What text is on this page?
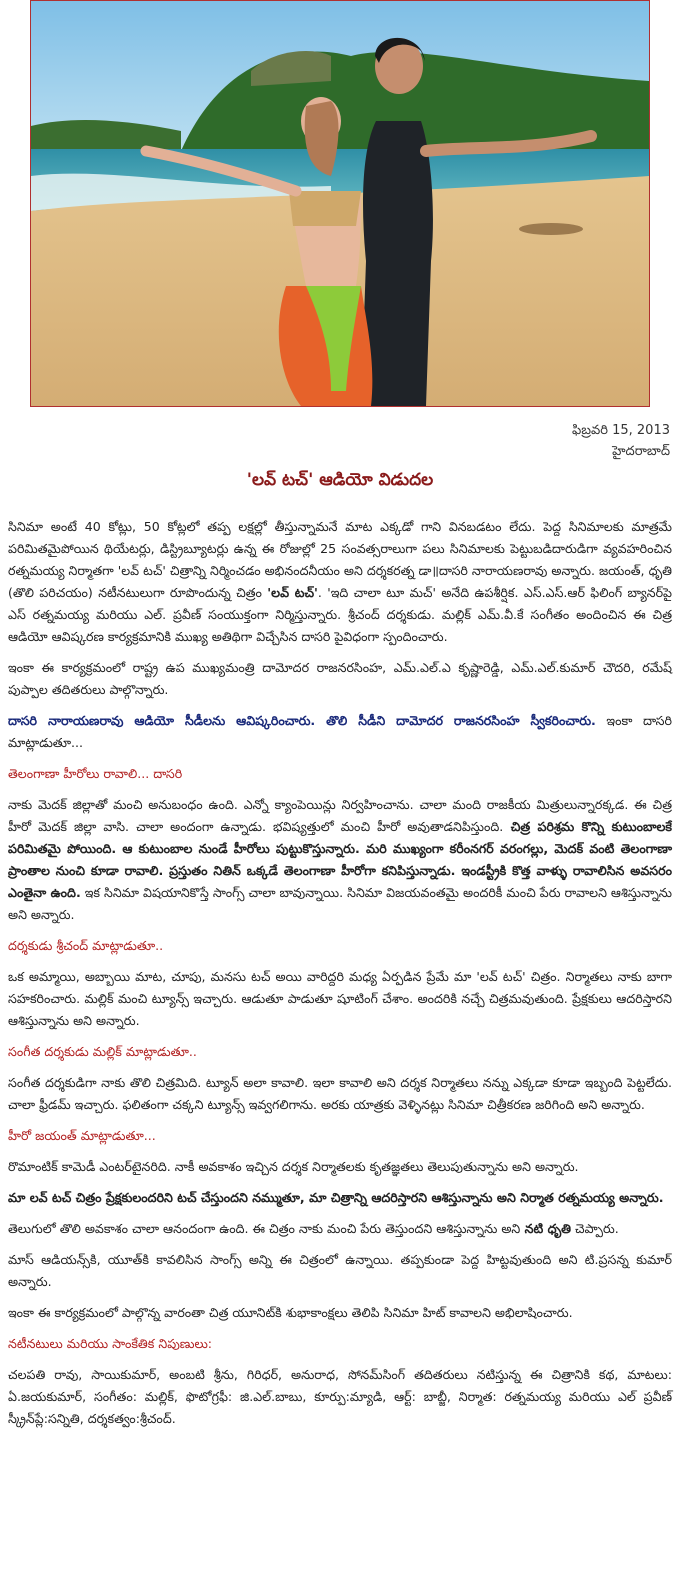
ఫిబ్రవరి 15, 2013
హైదరాబాద్
'లవ్ టచ్' ఆడియో విడుదల

సినిమా అంటే 40 కోట్లు, 50 కోట్లలో తప్ప లక్షల్లో తీస్తున్నామనే మాట ఎక్కడో గాని వినబడటం లేదు. పెద్ద సినిమాలకు మాత్రమే పరిమితమైపోయిన థియేటర్లు, డిస్ట్రిబ్యూటర్లు ఉన్న ఈ రోజుల్లో 25 సంవత్సరాలుగా పలు సినిమాలకు పెట్టుబడిదారుడిగా వ్యవహరించిన రత్నమయ్య నిర్మాతగా 'లవ్ టచ్' చిత్రాన్ని నిర్మించడం అభినందనీయం అని దర్శకరత్న డా॥దాసరి నారాయణరావు అన్నారు. జయంత్, ధృతి (తొలి పరిచయం) నటీనటులుగా రూపొందున్న చిత్రం 'లవ్ టచ్'. 'ఇది చాలా టూ మచ్' అనేది ఉపశీర్షిక. ఎస్.ఎస్.ఆర్ ఫిలింగ్ బ్యానర్‌పై ఎస్ రత్నమయ్య మరియు ఎల్. ప్రవీణ్ సంయుక్తంగా నిర్మిస్తున్నారు. శ్రీచంద్ దర్శకుడు. మల్లిక్ ఎమ్.వీ.కే సంగీతం అందించిన ఈ చిత్ర ఆడియో ఆవిష్కరణ కార్యక్రమానికి ముఖ్య అతిథిగా విచ్చేసిన దాసరి పైవిధంగా స్పందించారు.

ఇంకా ఈ కార్యక్రమంలో రాష్ట్ర ఉప ముఖ్యమంత్రి దామోదర రాజనరసింహ, ఎమ్.ఎల్.ఎ కృష్ణారెడ్డి, ఎమ్.ఎల్.కుమార్ చౌదరి, రమేష్ పుప్పాల తదితరులు పాల్గొన్నారు.

దాసరి నారాయణరావు ఆడియో సీడీలను ఆవిష్కరించారు. తొలి సీడీని దామోదర రాజనరసింహ స్వీకరించారు. ఇంకా దాసరి మాట్లాడుతూ...

తెలంగాణా హీరోలు రావాలి... దాసరి

నాకు మెదక్ జిల్లాతో మంచి అనుబంధం ఉంది. ఎన్నో క్యాంపెయిన్లు నిర్వహించాను. చాలా మంది రాజకీయ మిత్రులున్నారక్కడ. ఈ చిత్ర హీరో మెదక్ జిల్లా వాసి. చాలా అందంగా ఉన్నాడు. భవిష్యత్తులో మంచి హీరో అవుతాడనిపిస్తుంది. చిత్ర పరిశ్రమ కొన్ని కుటుంబాలకే పరిమితమై పోయింది. ఆ కుటుంబాల నుండే హీరోలు పుట్టుకొస్తున్నారు. మరి ముఖ్యంగా కరీంనగర్ వరంగల్లు, మెదక్ వంటి తెలంగాణా ప్రాంతాల నుంచి కూడా రావాలి. ప్రస్తుతం నితిన్ ఒక్కడే తెలంగాణా హీరోగా కనిపిస్తున్నాడు. ఇండస్ట్రీకి కొత్త వాళ్ళు రావాలిసిన అవసరం ఎంతైనా ఉంది. ఇక సినిమా విషయానికొస్తే సాంగ్స్ చాలా బావున్నాయి. సినిమా విజయవంతమై అందరికీ మంచి పేరు రావాలని ఆశిస్తున్నాను అని అన్నారు.

దర్శకుడు శ్రీచంద్ మాట్లాడుతూ..

ఒక అమ్మాయి, అబ్బాయి మాట, చూపు, మనసు టచ్ అయి వారిద్దరి మధ్య ఏర్పడిన ప్రేమే మా 'లవ్ టచ్' చిత్రం. నిర్మాతలు నాకు బాగా సహకరించారు. మల్లిక్ మంచి ట్యూన్స్ ఇచ్చారు. ఆడుతూ పాడుతూ షూటింగ్ చేశాం. అందరికి నచ్చే చిత్రమవుతుంది. ప్రేక్షకులు ఆదరిస్తారని ఆశిస్తున్నాను అని అన్నారు.

సంగీత దర్శకుడు మల్లిక్ మాట్లాడుతూ..

సంగీత దర్శకుడిగా నాకు తొలి చిత్రమిది. ట్యూన్ అలా కావాలి. ఇలా కావాలి అని దర్శక నిర్మాతలు నన్ను ఎక్కడా కూడా ఇబ్బంది పెట్టలేదు. చాలా ఫ్రీడమ్ ఇచ్చారు. ఫలితంగా చక్కని ట్యూన్స్ ఇవ్వగలిగాను. అరకు యాత్రకు వెళ్ళినట్లు సినిమా చిత్రీకరణ జరిగింది అని అన్నారు.

హీరో జయంత్ మాట్లాడుతూ...

రొమాంటిక్ కామెడీ ఎంటర్‌టైనరిది. నాకీ అవకాశం ఇచ్చిన దర్శక నిర్మాతలకు కృతజ్ఞతలు తెలుపుతున్నాను అని అన్నారు.

మా లవ్ టచ్ చిత్రం ప్రేక్షకులందరిని టచ్ చేస్తుందని నమ్ముతూ, మా చిత్రాన్ని ఆదరిస్తారని ఆశిస్తున్నాను అని నిర్మాత రత్నమయ్య అన్నారు.

తెలుగులో తొలి అవకాశం చాలా ఆనందంగా ఉంది. ఈ చిత్రం నాకు మంచి పేరు తెస్తుందని ఆశిస్తున్నాను అని నటి ధృతి చెప్పారు.

మాస్ ఆడియన్స్‌కి, యూత్‌కి కావలిసిన సాంగ్స్ అన్ని ఈ చిత్రంలో ఉన్నాయి. తప్పకుండా పెద్ద హిట్టవుతుంది అని టి.ప్రసన్న కుమార్ అన్నారు.

ఇంకా ఈ కార్యక్రమంలో పాల్గొన్న వారంతా చిత్ర యూనిట్‌కి శుభాకాంక్షలు తెలిపి సినిమా హిట్ కావాలని అభిలాషించారు.

నటీనటులు మరియు సాంకేతిక నిపుణులు:

చలపతి రావు, సాయికుమార్, అంబటి శ్రీను, గిరిధర్, అనురాధ, సోనమ్‌సింగ్ తదితరులు నటిస్తున్న ఈ చిత్రానికి కథ, మాటలు: ఏ.జయకుమార్, సంగీతం: మల్లిక్, ఫొటోగ్రఫీ: జి.ఎల్.బాబు, కూర్పు:మ్యాడి, ఆర్ట్: బాబ్జీ, నిర్మాత: రత్నమయ్య మరియు ఎల్ ప్రవీణ్ స్క్రీన్‌ప్లే:సన్నితి, దర్శకత్వం:శ్రీచంద్.
